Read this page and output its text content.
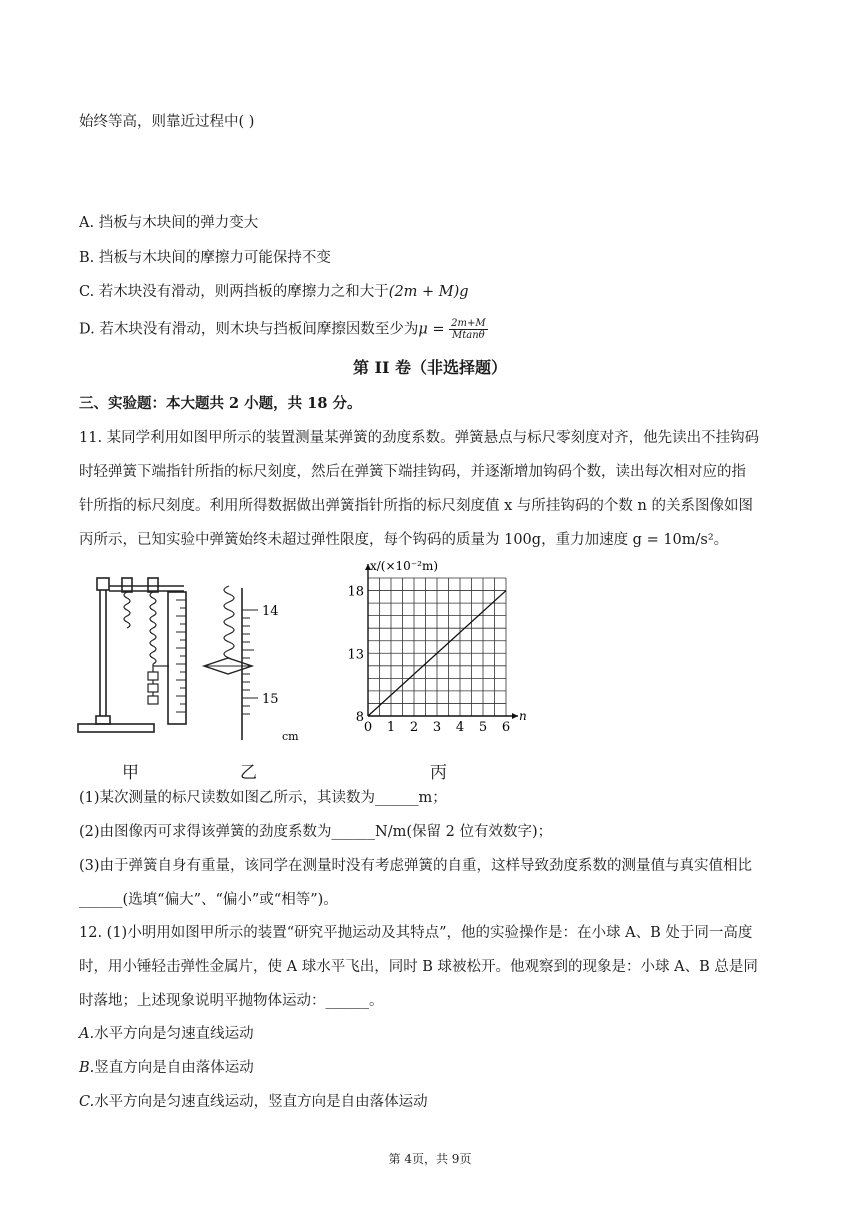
始终等高，则靠近过程中( )
A. 挡板与木块间的弹力变大
B. 挡板与木块间的摩擦力可能保持不变
C. 若木块没有滑动，则两挡板的摩擦力之和大于(2m + M)g
D. 若木块没有滑动，则木块与挡板间摩擦因数至少为$\mu = \frac{2m+M}{Mtan\theta}$
第 II 卷（非选择题）
三、实验题：本大题共 2 小题，共 18 分。
11. 某同学利用如图甲所示的装置测量某弹簧的劲度系数。弹簧悬点与标尺零刻度对齐，他先读出不挂钩码
时轻弹簧下端指针所指的标尺刻度，然后在弹簧下端挂钩码，并逐渐增加钩码个数，读出每次相对应的指
针所指的标尺刻度。利用所得数据做出弹簧指针所指的标尺刻度值 x 与所挂钩码的个数 n 的关系图像如图
丙所示，已知实验中弹簧始终未超过弹性限度，每个钩码的质量为 100g，重力加速度 g = 10m/s²。
甲
14
15
cm
乙
0 1 2 3 4 5 6
8
13
18
x/(×10⁻²m)
n
丙
(1)某次测量的标尺读数如图乙所示，其读数为______m；
(2)由图像丙可求得该弹簧的劲度系数为______N/m(保留 2 位有效数字)；
(3)由于弹簧自身有重量，该同学在测量时没有考虑弹簧的自重，这样导致劲度系数的测量值与真实值相比
______(选填“偏大”、“偏小”或“相等”)。
12. (1)小明用如图甲所示的装置“研究平抛运动及其特点”，他的实验操作是：在小球 A、B 处于同一高度
时，用小锤轻击弹性金属片，使 A 球水平飞出，同时 B 球被松开。他观察到的现象是：小球 A、B 总是同
时落地；上述现象说明平抛物体运动：______。
A.水平方向是匀速直线运动
B.竖直方向是自由落体运动
C.水平方向是匀速直线运动，竖直方向是自由落体运动
第 4页，共 9页
